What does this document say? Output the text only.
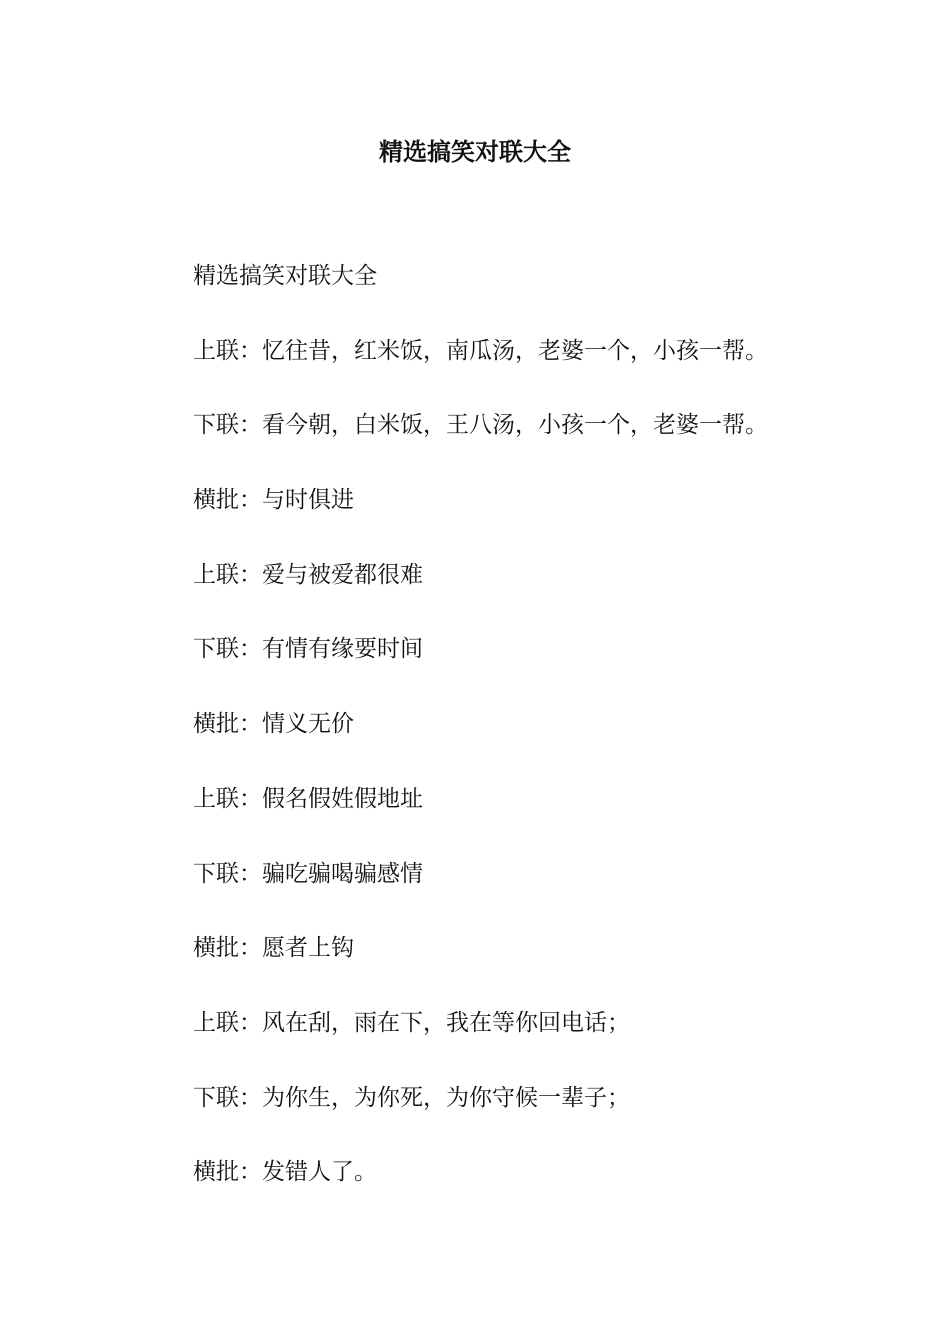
精选搞笑对联大全
精选搞笑对联大全
上联：忆往昔，红米饭，南瓜汤，老婆一个，小孩一帮。
下联：看今朝，白米饭，王八汤，小孩一个，老婆一帮。
横批：与时俱进
上联：爱与被爱都很难
下联：有情有缘要时间
横批：情义无价
上联：假名假姓假地址
下联：骗吃骗喝骗感情
横批：愿者上钩
上联：风在刮，雨在下，我在等你回电话；
下联：为你生，为你死，为你守候一辈子；
横批：发错人了。
